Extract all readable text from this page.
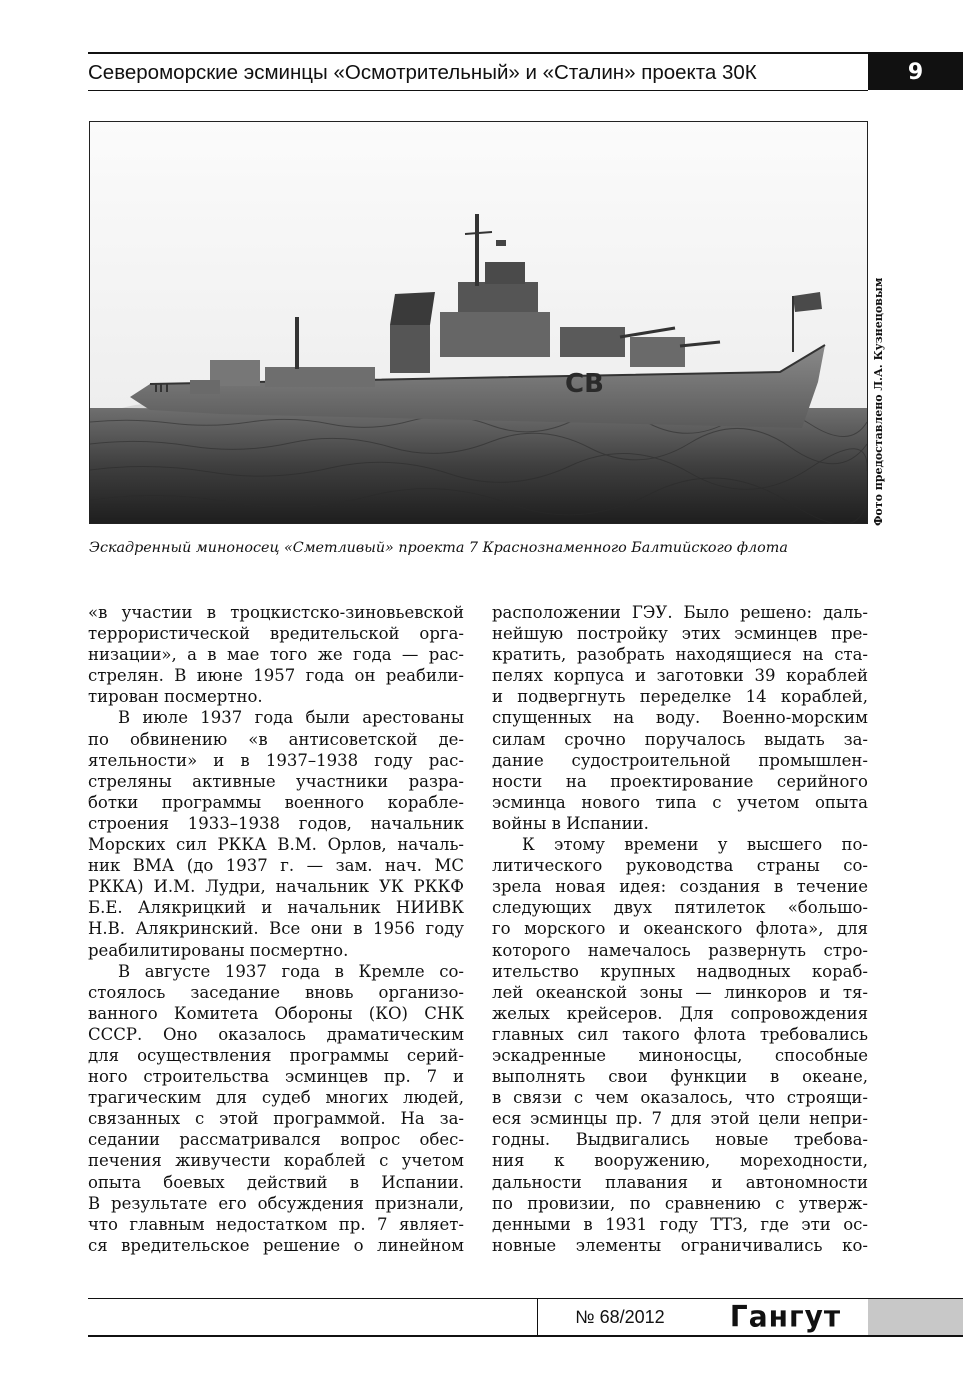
Североморские эсминцы «Осмотрительный» и «Сталин» проекта 30К	9
СВ	Фото предоставлено Л.А. Кузнецовым
Эскадренный миноносец «Сметливый» проекта 7 Краснознаменного Балтийского флота
«в участии в троцкистско-зиновьевской
террористической вредительской орга-
низации», а в мае того же года — рас-
стрелян. В июне 1957 года он реабили-
тирован посмертно.
В июле 1937 года были арестованы
по обвинению «в антисоветской де-
ятельности» и в 1937–1938 году рас-
стреляны активные участники разра-
ботки программы военного корабле-
строения 1933–1938 годов, начальник
Морских сил РККА В.М. Орлов, началь-
ник ВМА (до 1937 г. — зам. нач. МС
РККА) И.М. Лудри, начальник УК РККФ
Б.Е. Алякрицкий и начальник НИИВК
Н.В. Алякринский. Все они в 1956 году
реабилитированы посмертно.
В августе 1937 года в Кремле со-
стоялось заседание вновь организо-
ванного Комитета Обороны (КО) СНК
СССР. Оно оказалось драматическим
для осуществления программы серий-
ного строительства эсминцев пр. 7 и
трагическим для судеб многих людей,
связанных с этой программой. На за-
седании рассматривался вопрос обес-
печения живучести кораблей с учетом
опыта боевых действий в Испании.
В результате его обсуждения признали,
что главным недостатком пр. 7 являет-
ся вредительское решение о линейном
расположении ГЭУ. Было решено: даль-
нейшую постройку этих эсминцев пре-
кратить, разобрать находящиеся на ста-
пелях корпуса и заготовки 39 кораблей
и подвергнуть переделке 14 кораблей,
спущенных на воду. Военно-морским
силам срочно поручалось выдать за-
дание судостроительной промышлен-
ности на проектирование серийного
эсминца нового типа с учетом опыта
войны в Испании.
К этому времени у высшего по-
литического руководства страны со-
зрела новая идея: создания в течение
следующих двух пятилеток «большо-
го морского и океанского флота», для
которого намечалось развернуть стро-
ительство крупных надводных кораб-
лей океанской зоны — линкоров и тя-
желых крейсеров. Для сопровождения
главных сил такого флота требовались
эскадренные миноносцы, способные
выполнять свои функции в океане,
в связи с чем оказалось, что строящи-
еся эсминцы пр. 7 для этой цели непри-
годны. Выдвигались новые требова-
ния к вооружению, мореходности,
дальности плавания и автономности
по провизии, по сравнению с утверж-
денными в 1931 году ТТЗ, где эти ос-
новные элементы ограничивались ко-
№ 68/2012	Гангут
